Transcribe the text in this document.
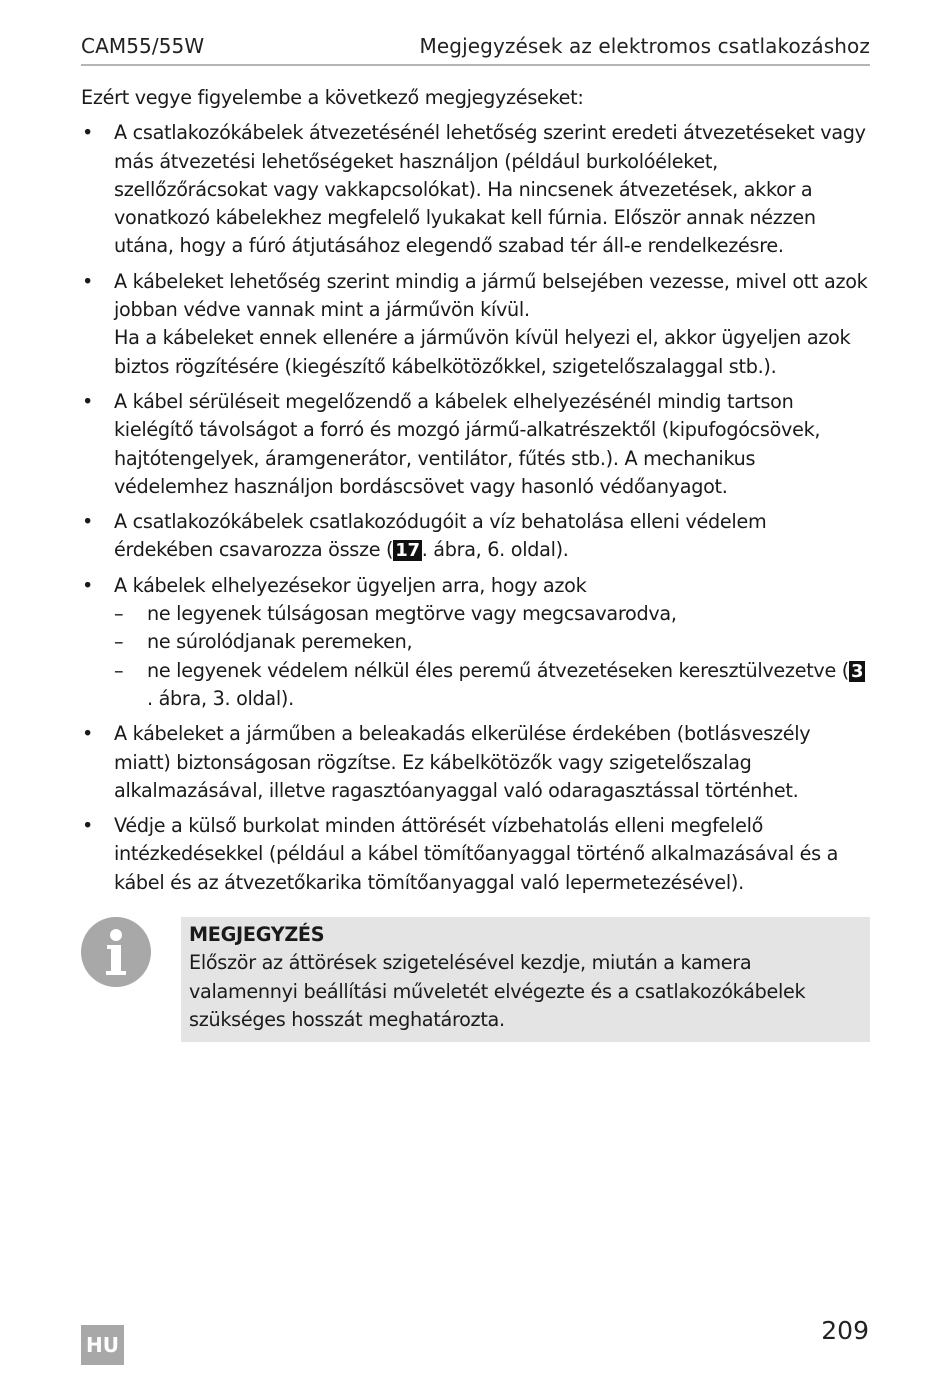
CAM55/55W	Megjegyzések az elektromos csatlakozáshoz

Ezért vegye figyelembe a következő megjegyzéseket:

• A csatlakozókábelek átvezetésénél lehetőség szerint eredeti átvezetéseket vagy más átvezetési lehetőségeket használjon (például burkolóéleket, szellőzőrácsokat vagy vakkapcsolókat). Ha nincsenek átvezetések, akkor a vonatkozó kábelekhez megfelelő lyukakat kell fúrnia. Először annak nézzen utána, hogy a fúró átjutásához elegendő szabad tér áll-e rendelkezésre.
• A kábeleket lehetőség szerint mindig a jármű belsejében vezesse, mivel ott azok jobban védve vannak mint a járművön kívül.
Ha a kábeleket ennek ellenére a járművön kívül helyezi el, akkor ügyeljen azok biztos rögzítésére (kiegészítő kábelkötözőkkel, szigetelőszalaggal stb.).
• A kábel sérüléseit megelőzendő a kábelek elhelyezésénél mindig tartson kielégítő távolságot a forró és mozgó jármű-alkatrészektől (kipufogócsövek, hajtótengelyek, áramgenerátor, ventilátor, fűtés stb.). A mechanikus védelemhez használjon bordáscsövet vagy hasonló védőanyagot.
• A csatlakozókábelek csatlakozódugóit a víz behatolása elleni védelem érdekében csavarozza össze ( 17 . ábra, 6. oldal).
• A kábelek elhelyezésekor ügyeljen arra, hogy azok
– ne legyenek túlságosan megtörve vagy megcsavarodva,
– ne súrolódjanak peremeken,
– ne legyenek védelem nélkül éles peremű átvezetéseken keresztülvezetve ( 3. ábra, 3. oldal).
• A kábeleket a járműben a beleakadás elkerülése érdekében (botlásveszély miatt) biztonságosan rögzítse. Ez kábelkötözők vagy szigetelőszalag alkalmazásával, illetve ragasztóanyaggal való odaragasztással történhet.
• Védje a külső burkolat minden áttörését vízbehatolás elleni megfelelő intézkedésekkel (például a kábel tömítőanyaggal történő alkalmazásával és a kábel és az átvezetőkarika tömítőanyaggal való lepermetezésével).
MEGJEGYZÉS
Először az áttörések szigetelésével kezdje, miután a kamera valamennyi beállítási műveletét elvégezte és a csatlakozókábelek szükséges hosszát meghatározta.
HU	209
